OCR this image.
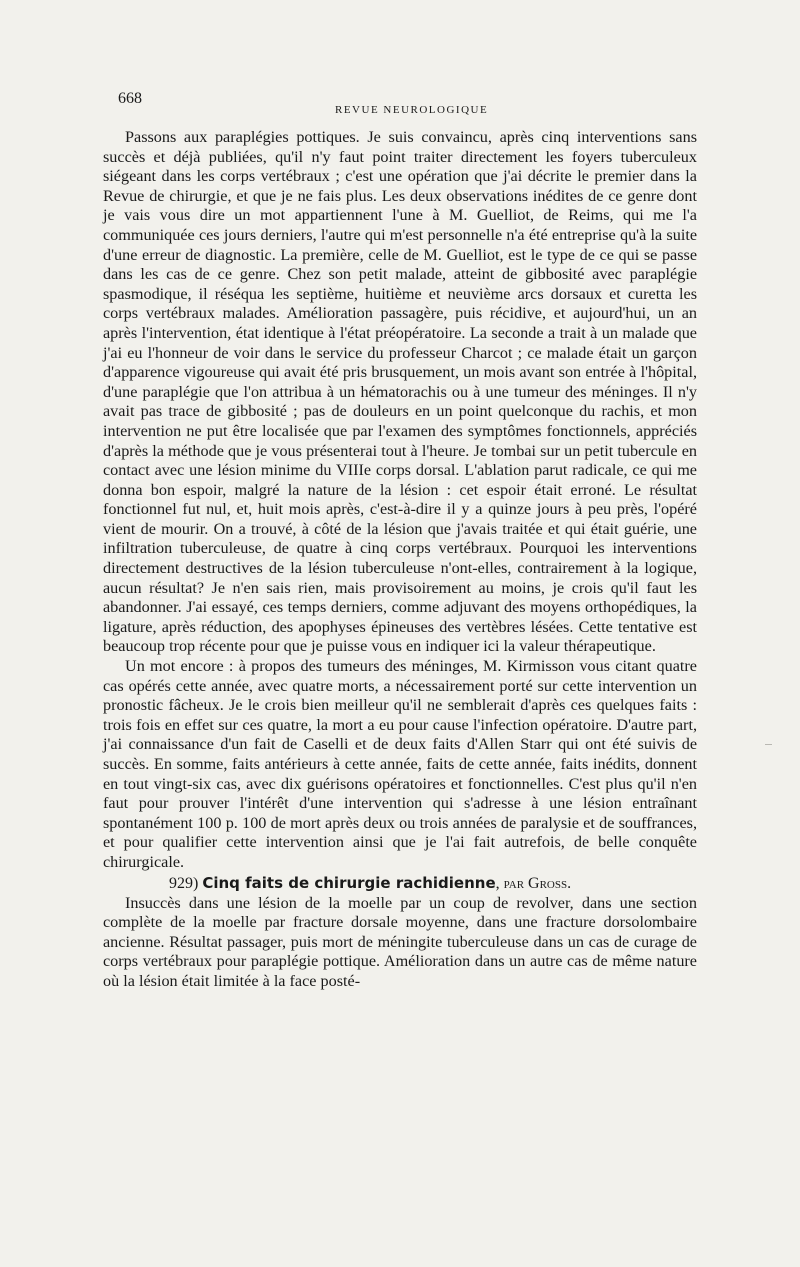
668
REVUE NEUROLOGIQUE

Passons aux paraplégies pottiques. Je suis convaincu, après cinq interventions sans succès et déjà publiées, qu'il n'y faut point traiter directement les foyers tuberculeux siégeant dans les corps vertébraux ; c'est une opération que j'ai décrite le premier dans la Revue de chirurgie, et que je ne fais plus. Les deux observations inédites de ce genre dont je vais vous dire un mot appartiennent l'une à M. Guelliot, de Reims, qui me l'a communiquée ces jours derniers, l'autre qui m'est personnelle n'a été entreprise qu'à la suite d'une erreur de diagnostic. La première, celle de M. Guelliot, est le type de ce qui se passe dans les cas de ce genre. Chez son petit malade, atteint de gibbosité avec paraplégie spasmodique, il réséqua les septième, huitième et neuvième arcs dorsaux et curetta les corps vertébraux malades. Amélioration passagère, puis récidive, et aujourd'hui, un an après l'intervention, état identique à l'état préopératoire. La seconde a trait à un malade que j'ai eu l'honneur de voir dans le service du professeur Charcot ; ce malade était un garçon d'apparence vigoureuse qui avait été pris brusquement, un mois avant son entrée à l'hôpital, d'une paraplégie que l'on attribua à un hématorachis ou à une tumeur des méninges. Il n'y avait pas trace de gibbosité ; pas de douleurs en un point quelconque du rachis, et mon intervention ne put être localisée que par l'examen des symptômes fonctionnels, appréciés d'après la méthode que je vous présenterai tout à l'heure. Je tombai sur un petit tubercule en contact avec une lésion minime du VIIIe corps dorsal. L'ablation parut radicale, ce qui me donna bon espoir, malgré la nature de la lésion : cet espoir était erroné. Le résultat fonctionnel fut nul, et, huit mois après, c'est-à-dire il y a quinze jours à peu près, l'opéré vient de mourir. On a trouvé, à côté de la lésion que j'avais traitée et qui était guérie, une infiltration tuberculeuse, de quatre à cinq corps vertébraux. Pourquoi les interventions directement destructives de la lésion tuberculeuse n'ont-elles, contrairement à la logique, aucun résultat? Je n'en sais rien, mais provisoirement au moins, je crois qu'il faut les abandonner. J'ai essayé, ces temps derniers, comme adjuvant des moyens orthopédiques, la ligature, après réduction, des apophyses épineuses des vertèbres lésées. Cette tentative est beaucoup trop récente pour que je puisse vous en indiquer ici la valeur thérapeutique.

Un mot encore : à propos des tumeurs des méninges, M. Kirmisson vous citant quatre cas opérés cette année, avec quatre morts, a nécessairement porté sur cette intervention un pronostic fâcheux. Je le crois bien meilleur qu'il ne semblerait d'après ces quelques faits : trois fois en effet sur ces quatre, la mort a eu pour cause l'infection opératoire. D'autre part, j'ai connaissance d'un fait de Caselli et de deux faits d'Allen Starr qui ont été suivis de succès. En somme, faits antérieurs à cette année, faits de cette année, faits inédits, donnent en tout vingt-six cas, avec dix guérisons opératoires et fonctionnelles. C'est plus qu'il n'en faut pour prouver l'intérêt d'une intervention qui s'adresse à une lésion entraînant spontanément 100 p. 100 de mort après deux ou trois années de paralysie et de souffrances, et pour qualifier cette intervention ainsi que je l'ai fait autrefois, de belle conquête chirurgicale.

929) Cinq faits de chirurgie rachidienne, par Gross.

Insuccès dans une lésion de la moelle par un coup de revolver, dans une section complète de la moelle par fracture dorsale moyenne, dans une fracture dorsolombaire ancienne. Résultat passager, puis mort de méningite tuberculeuse dans un cas de curage de corps vertébraux pour paraplégie pottique. Amélioration dans un autre cas de même nature où la lésion était limitée à la face posté-
